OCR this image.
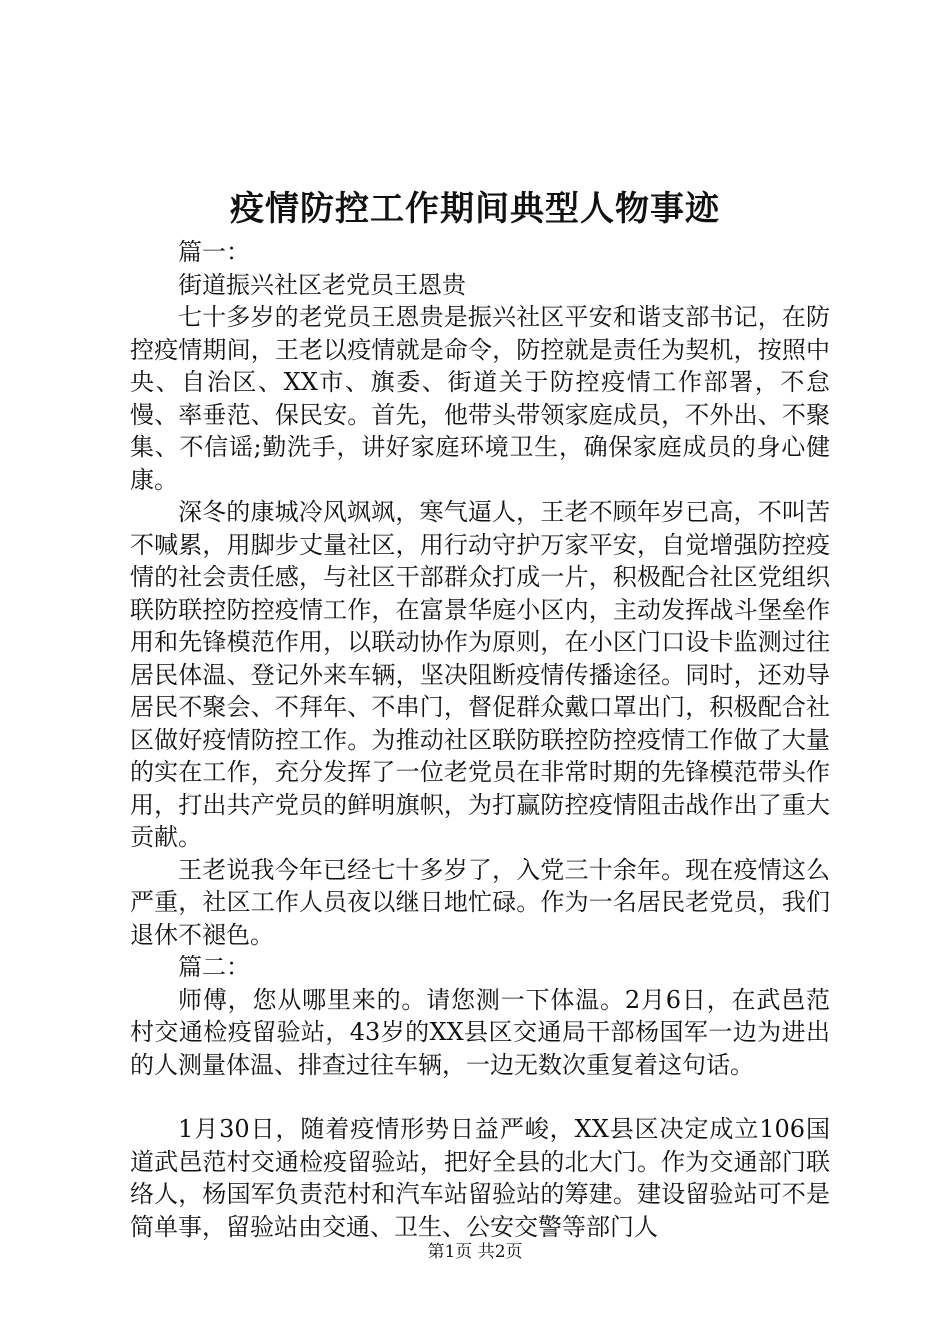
疫情防控工作期间典型人物事迹

篇一：

街道振兴社区老党员王恩贵

七十多岁的老党员王恩贵是振兴社区平安和谐支部书记，在防控疫情期间，王老以疫情就是命令，防控就是责任为契机，按照中央、自治区、XX市、旗委、街道关于防控疫情工作部署，不怠慢、率垂范、保民安。首先，他带头带领家庭成员，不外出、不聚集、不信谣;勤洗手，讲好家庭环境卫生，确保家庭成员的身心健康。

深冬的康城冷风飒飒，寒气逼人，王老不顾年岁已高，不叫苦不喊累，用脚步丈量社区，用行动守护万家平安，自觉增强防控疫情的社会责任感，与社区干部群众打成一片，积极配合社区党组织联防联控防控疫情工作，在富景华庭小区内，主动发挥战斗堡垒作用和先锋模范作用，以联动协作为原则，在小区门口设卡监测过往居民体温、登记外来车辆，坚决阻断疫情传播途径。同时，还劝导居民不聚会、不拜年、不串门，督促群众戴口罩出门，积极配合社区做好疫情防控工作。为推动社区联防联控防控疫情工作做了大量的实在工作，充分发挥了一位老党员在非常时期的先锋模范带头作用，打出共产党员的鲜明旗帜，为打赢防控疫情阻击战作出了重大贡献。

王老说我今年已经七十多岁了，入党三十余年。现在疫情这么严重，社区工作人员夜以继日地忙碌。作为一名居民老党员，我们退休不褪色。

篇二：

师傅，您从哪里来的。请您测一下体温。2月6日，在武邑范村交通检疫留验站，43岁的XX县区交通局干部杨国军一边为进出的人测量体温、排查过往车辆，一边无数次重复着这句话。

1月30日，随着疫情形势日益严峻，XX县区决定成立106国道武邑范村交通检疫留验站，把好全县的北大门。作为交通部门联络人，杨国军负责范村和汽车站留验站的筹建。建设留验站可不是简单事，留验站由交通、卫生、公安交警等部门人

第1页 共2页
